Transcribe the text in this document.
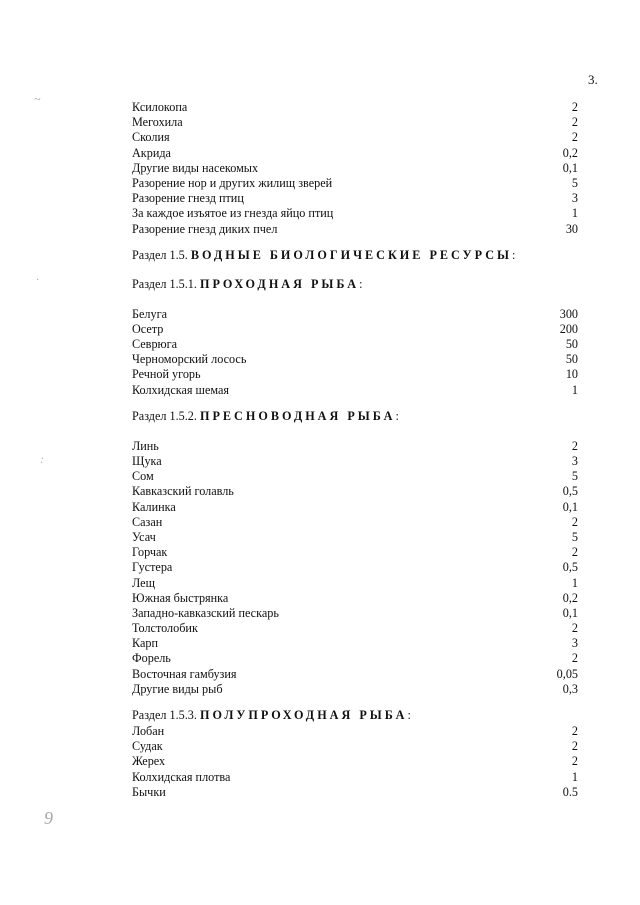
3.
~
·
:
9
Ксилокопа	2
Мегохила	2
Сколия	2
Акрида	0,2
Другие виды насекомых	0,1
Разорение нор и других жилищ зверей	5
Разорение гнезд птиц	3
За каждое изъятое из гнезда яйцо птиц	1
Разорение гнезд диких пчел	30
Раздел 1.5. ВОДНЫЕ БИОЛОГИЧЕСКИЕ РЕСУРСЫ:
Раздел 1.5.1. ПРОХОДНАЯ РЫБА:
Белуга	300
Осетр	200
Севрюга	50
Черноморский лосось	50
Речной угорь	10
Колхидская шемая	1
Раздел 1.5.2. ПРЕСНОВОДНАЯ РЫБА:
Линь	2
Щука	3
Сом	5
Кавказский голавль	0,5
Калинка	0,1
Сазан	2
Усач	5
Горчак	2
Густера	0,5
Лещ	1
Южная быстрянка	0,2
Западно-кавказский пескарь	0,1
Толстолобик	2
Карп	3
Форель	2
Восточная гамбузия	0,05
Другие виды рыб	0,3
Раздел 1.5.3. ПОЛУПРОХОДНАЯ РЫБА:
Лобан	2
Судак	2
Жерех	2
Колхидская плотва	1
Бычки	0.5
